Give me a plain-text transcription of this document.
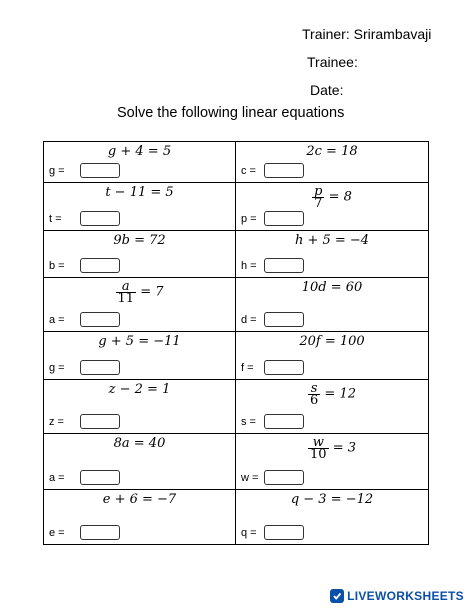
Trainer: Srirambavaji
Trainee:
Date:
Solve the following linear equations
g + 4 = 5
g =
2c = 18
c =
t − 11 = 5
t =
$\frac{p}{7} = 8$
p =
9b = 72
b =
h + 5 = −4
h =
$\frac{a}{11} = 7$
a =
10d = 60
d =
g + 5 = −11
g =
20f = 100
f =
z − 2 = 1
z =
$\frac{s}{6} = 12$
s =
8a = 40
a =
$\frac{w}{10} = 3$
w =
e + 6 = −7
e =
q − 3 = −12
q =
LIVEWORKSHEETS
